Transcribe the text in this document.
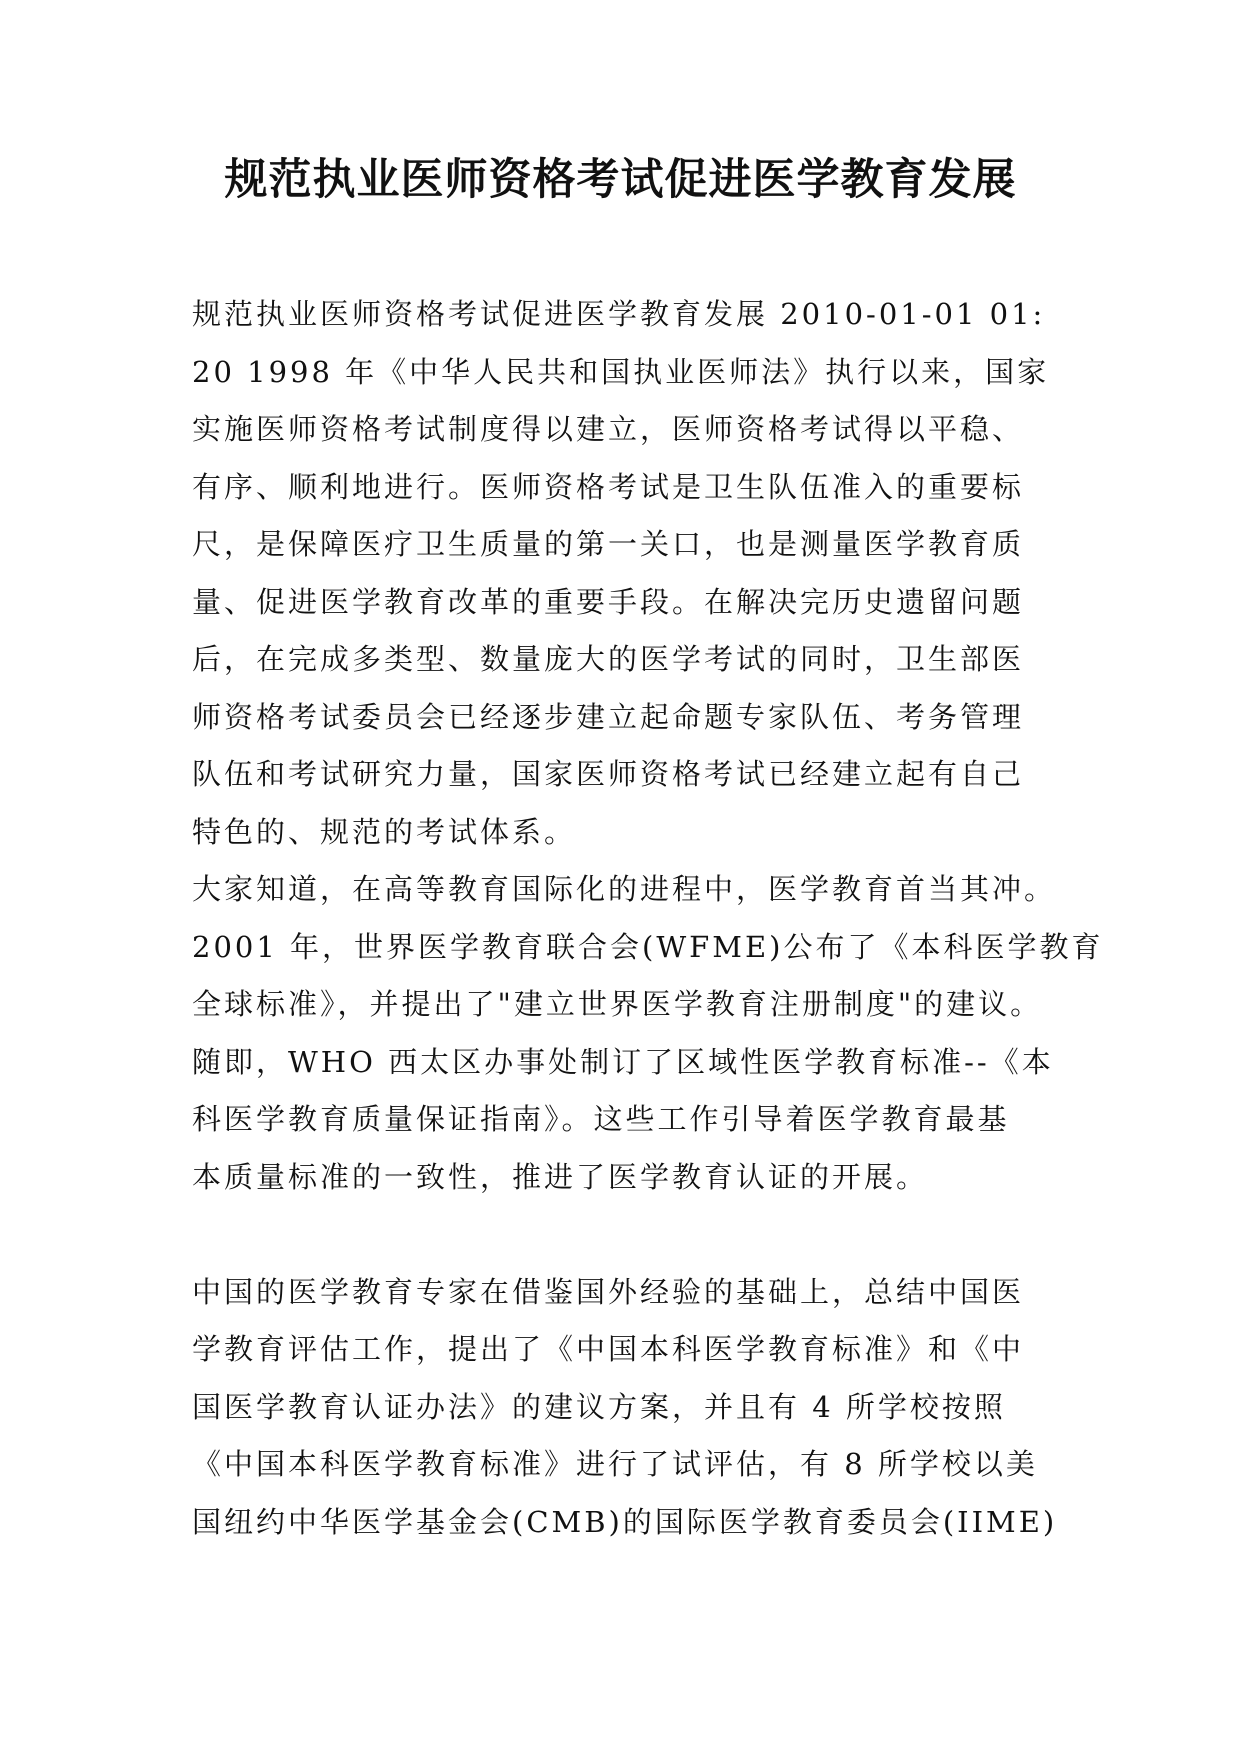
规范执业医师资格考试促进医学教育发展
规范执业医师资格考试促进医学教育发展 2010-01-01 01:
20 1998 年《中华人民共和国执业医师法》执行以来，国家
实施医师资格考试制度得以建立，医师资格考试得以平稳、
有序、顺利地进行。医师资格考试是卫生队伍准入的重要标
尺，是保障医疗卫生质量的第一关口，也是测量医学教育质
量、促进医学教育改革的重要手段。在解决完历史遗留问题
后，在完成多类型、数量庞大的医学考试的同时，卫生部医
师资格考试委员会已经逐步建立起命题专家队伍、考务管理
队伍和考试研究力量，国家医师资格考试已经建立起有自己
特色的、规范的考试体系。
大家知道，在高等教育国际化的进程中，医学教育首当其冲。
2001 年，世界医学教育联合会(WFME)公布了《本科医学教育
全球标准》，并提出了"建立世界医学教育注册制度"的建议。
随即，WHO 西太区办事处制订了区域性医学教育标准--《本
科医学教育质量保证指南》。这些工作引导着医学教育最基
本质量标准的一致性，推进了医学教育认证的开展。
中国的医学教育专家在借鉴国外经验的基础上，总结中国医
学教育评估工作，提出了《中国本科医学教育标准》和《中
国医学教育认证办法》的建议方案，并且有 4 所学校按照
《中国本科医学教育标准》进行了试评估，有 8 所学校以美
国纽约中华医学基金会(CMB)的国际医学教育委员会(IIME)
